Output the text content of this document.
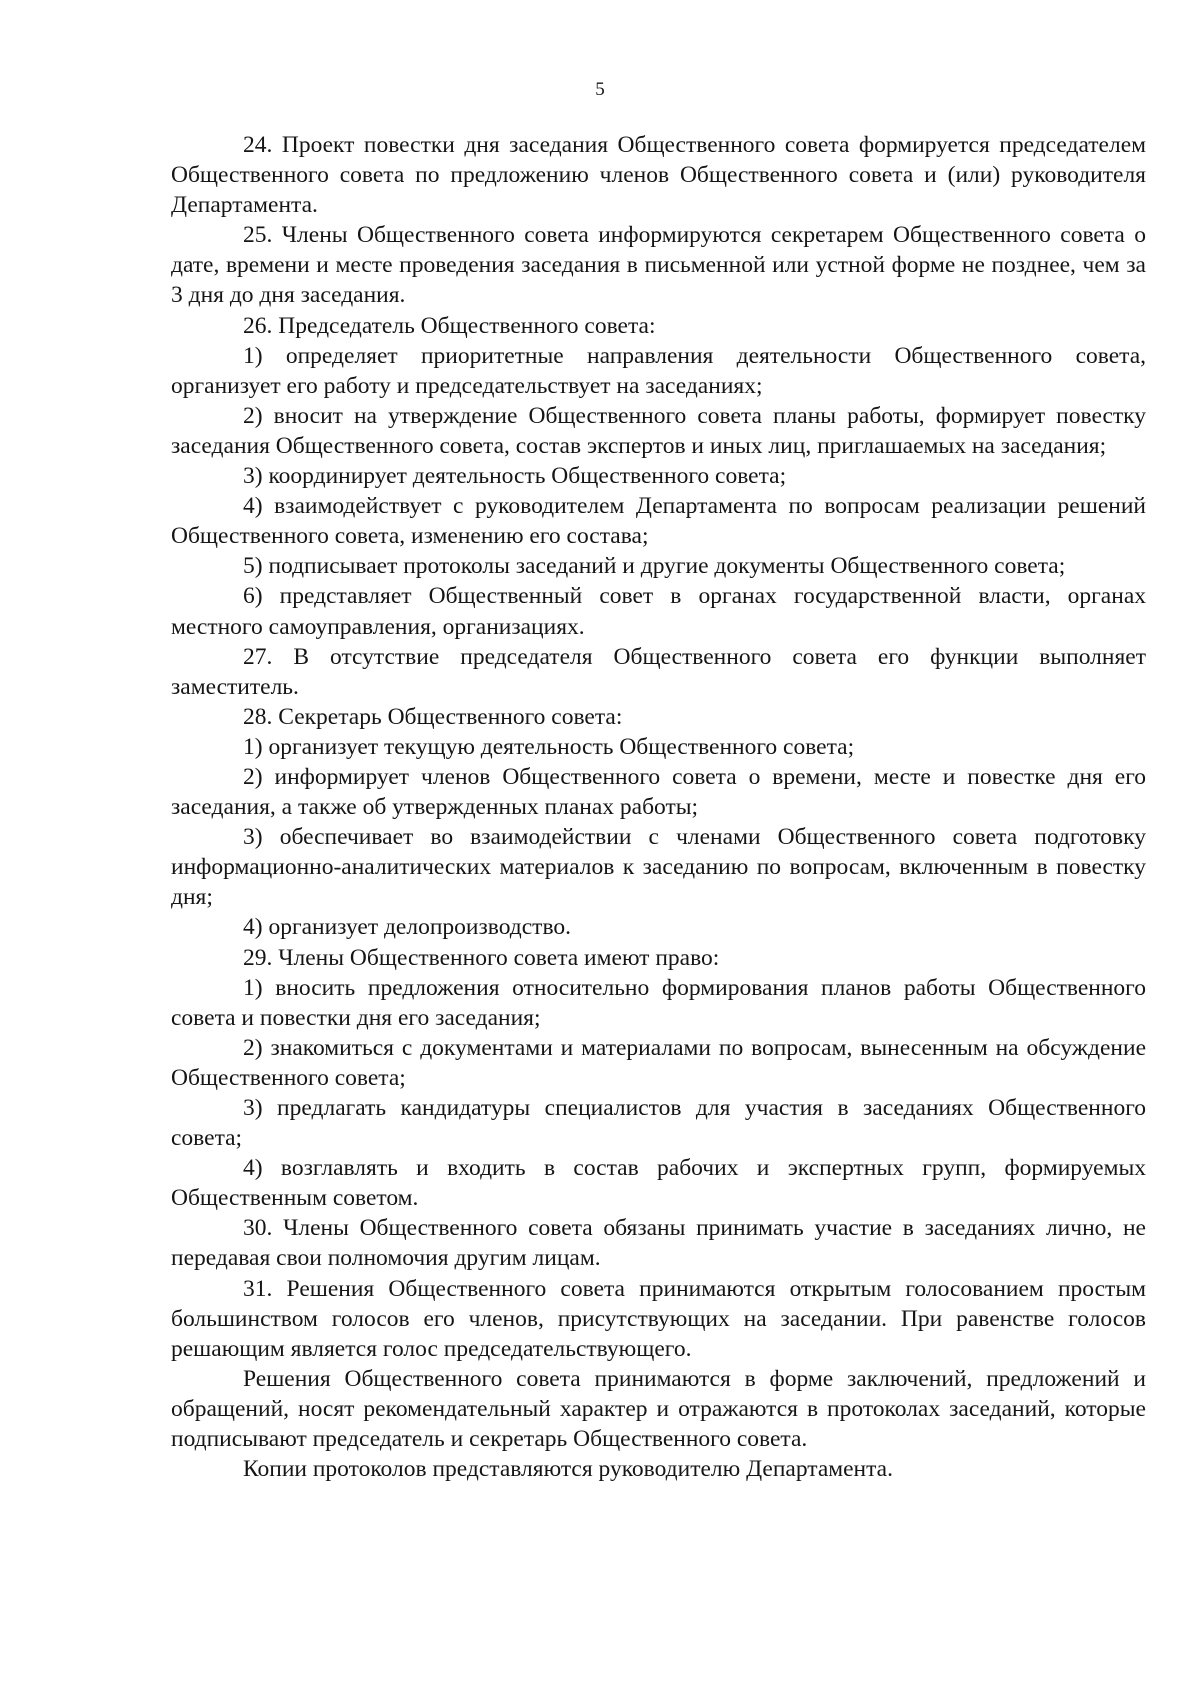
5

24. Проект повестки дня заседания Общественного совета формируется председателем Общественного совета по предложению членов Общественного совета и (или) руководителя Департамента.

25. Члены Общественного совета информируются секретарем Общественного совета о дате, времени и месте проведения заседания в письменной или устной форме не позднее, чем за 3 дня до дня заседания.

26. Председатель Общественного совета:

1) определяет приоритетные направления деятельности Общественного совета, организует его работу и председательствует на заседаниях;

2) вносит на утверждение Общественного совета планы работы, формирует повестку заседания Общественного совета, состав экспертов и иных лиц, приглашаемых на заседания;

3) координирует деятельность Общественного совета;

4) взаимодействует с руководителем Департамента по вопросам реализации решений Общественного совета, изменению его состава;

5) подписывает протоколы заседаний и другие документы Общественного совета;

6) представляет Общественный совет в органах государственной власти, органах местного самоуправления, организациях.

27. В отсутствие председателя Общественного совета его функции выполняет заместитель.

28. Секретарь Общественного совета:

1) организует текущую деятельность Общественного совета;

2) информирует членов Общественного совета о времени, месте и повестке дня его заседания, а также об утвержденных планах работы;

3) обеспечивает во взаимодействии с членами Общественного совета подготовку информационно-аналитических материалов к заседанию по вопросам, включенным в повестку дня;

4) организует делопроизводство.

29. Члены Общественного совета имеют право:

1) вносить предложения относительно формирования планов работы Общественного совета и повестки дня его заседания;

2) знакомиться с документами и материалами по вопросам, вынесенным на обсуждение Общественного совета;

3) предлагать кандидатуры специалистов для участия в заседаниях Общественного совета;

4) возглавлять и входить в состав рабочих и экспертных групп, формируемых Общественным советом.

30. Члены Общественного совета обязаны принимать участие в заседаниях лично, не передавая свои полномочия другим лицам.

31. Решения Общественного совета принимаются открытым голосованием простым большинством голосов его членов, присутствующих на заседании. При равенстве голосов решающим является голос председательствующего.

Решения Общественного совета принимаются в форме заключений, предложений и обращений, носят рекомендательный характер и отражаются в протоколах заседаний, которые подписывают председатель и секретарь Общественного совета.

Копии протоколов представляются руководителю Департамента.
